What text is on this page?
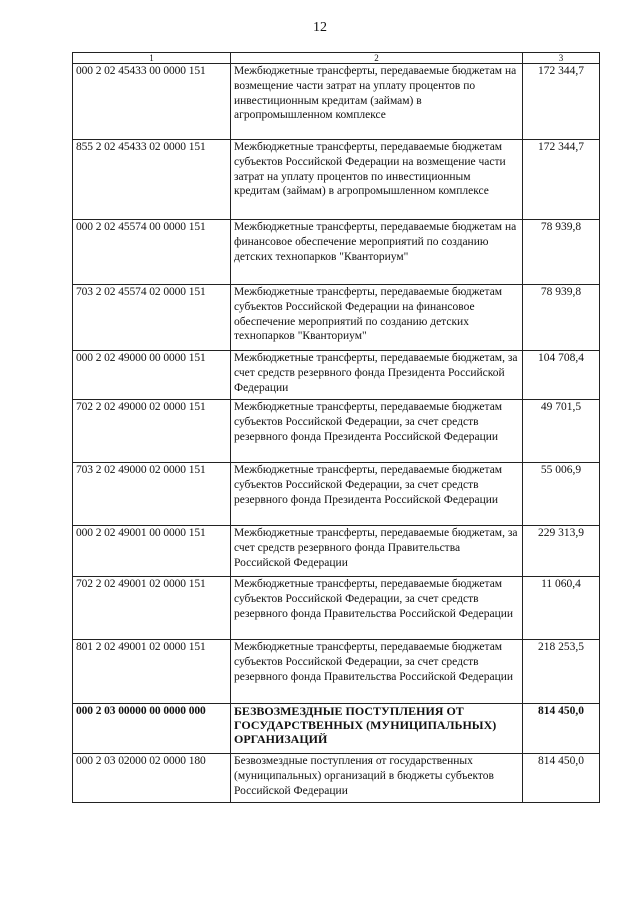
12
1	2	3
000 2 02 45433 00 0000 151	Межбюджетные трансферты, передаваемые бюджетам на возмещение части затрат на уплату процентов по инвестиционным кредитам (займам) в агропромышленном комплексе	172 344,7
855 2 02 45433 02 0000 151	Межбюджетные трансферты, передаваемые бюджетам субъектов Российской Федерации на возмещение части затрат на уплату процентов по инвестиционным кредитам (займам) в агропромышленном комплексе	172 344,7
000 2 02 45574 00 0000 151	Межбюджетные трансферты, передаваемые бюджетам на финансовое обеспечение мероприятий по созданию детских технопарков "Кванториум"	78 939,8
703 2 02 45574 02 0000 151	Межбюджетные трансферты, передаваемые бюджетам субъектов Российской Федерации на финансовое обеспечение мероприятий по созданию детских технопарков "Кванториум"	78 939,8
000 2 02 49000 00 0000 151	Межбюджетные трансферты, передаваемые бюджетам, за счет средств резервного фонда Президента Российской Федерации	104 708,4
702 2 02 49000 02 0000 151	Межбюджетные трансферты, передаваемые бюджетам субъектов Российской Федерации, за счет средств резервного фонда Президента Российской Федерации	49 701,5
703 2 02 49000 02 0000 151	Межбюджетные трансферты, передаваемые бюджетам субъектов Российской Федерации, за счет средств резервного фонда Президента Российской Федерации	55 006,9
000 2 02 49001 00 0000 151	Межбюджетные трансферты, передаваемые бюджетам, за счет средств резервного фонда Правительства Российской Федерации	229 313,9
702 2 02 49001 02 0000 151	Межбюджетные трансферты, передаваемые бюджетам субъектов Российской Федерации, за счет средств резервного фонда Правительства Российской Федерации	11 060,4
801 2 02 49001 02 0000 151	Межбюджетные трансферты, передаваемые бюджетам субъектов Российской Федерации, за счет средств резервного фонда Правительства Российской Федерации	218 253,5
000 2 03 00000 00 0000 000	БЕЗВОЗМЕЗДНЫЕ ПОСТУПЛЕНИЯ ОТ ГОСУДАРСТВЕННЫХ (МУНИЦИПАЛЬНЫХ) ОРГАНИЗАЦИЙ	814 450,0
000 2 03 02000 02 0000 180	Безвозмездные поступления от государственных (муниципальных) организаций в бюджеты субъектов Российской Федерации	814 450,0
